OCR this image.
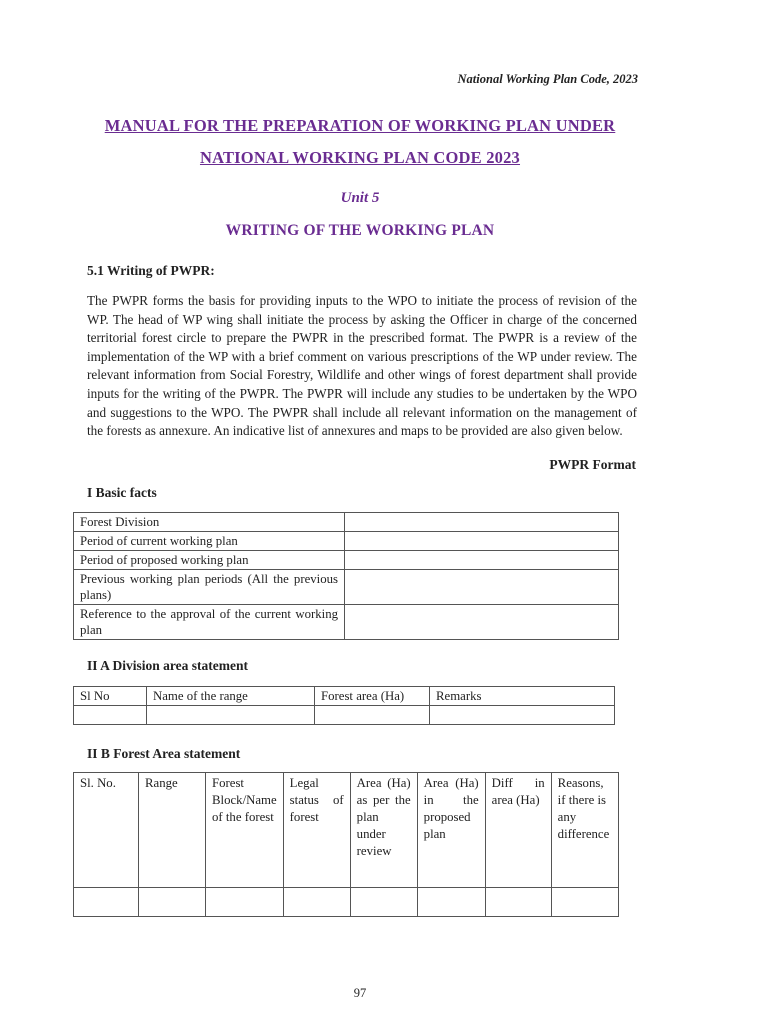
National Working Plan Code, 2023
MANUAL FOR THE PREPARATION OF WORKING PLAN UNDER
NATIONAL WORKING PLAN CODE 2023
Unit 5
WRITING OF THE WORKING PLAN
5.1 Writing of PWPR:

The PWPR forms the basis for providing inputs to the WPO to initiate the process of revision of the WP. The head of WP wing shall initiate the process by asking the Officer in charge of the concerned territorial forest circle to prepare the PWPR in the prescribed format. The PWPR is a review of the implementation of the WP with a brief comment on various prescriptions of the WP under review. The relevant information from Social Forestry, Wildlife and other wings of forest department shall provide inputs for the writing of the PWPR. The PWPR will include any studies to be undertaken by the WPO and suggestions to the WPO. The PWPR shall include all relevant information on the management of the forests as annexure. An indicative list of annexures and maps to be provided are also given below.

PWPR Format
I Basic facts
Forest Division	
Period of current working plan	
Period of proposed working plan	
Previous working plan periods (All the previous plans)	
Reference to the approval of the current working plan	
II A Division area statement
Sl No	Name of the range	Forest area (Ha)	Remarks

II B Forest Area statement
Sl. No.	Range	Forest Block/Name of the forest	Legal status of forest	Area (Ha) as per the plan under review	Area (Ha) in the proposed plan	Diff in area (Ha)	Reasons, if there is any difference

97
